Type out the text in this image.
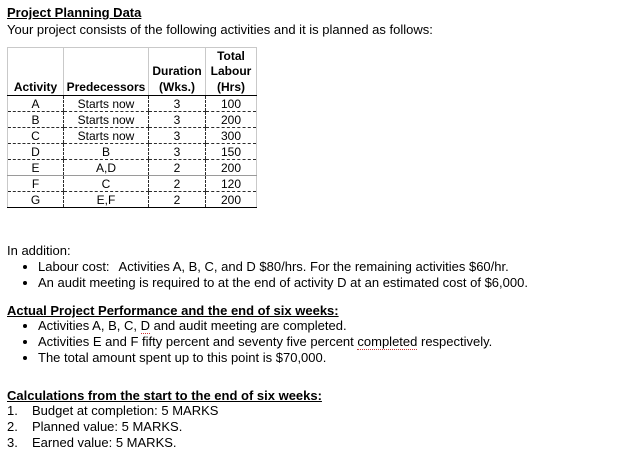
Project Planning Data
Your project consists of the following activities and it is planned as follows:
			Total
		Duration	Labour
Activity	Predecessors	(Wks.)	(Hrs)
A	Starts now	3	100
B	Starts now	3	200
C	Starts now	3	300
D	B	3	150
E	A,D	2	200
F	C	2	120
G	E,F	2	200
In addition:
Labour cost: Activities A, B, C, and D $80/hrs. For the remaining activities $60/hr.
An audit meeting is required to at the end of activity D at an estimated cost of $6,000.
Actual Project Performance and the end of six weeks:
Activities A, B, C, D and audit meeting are completed.
Activities E and F fifty percent and seventy five percent completed respectively.
The total amount spent up to this point is $70,000.
Calculations from the start to the end of six weeks:
1. Budget at completion: 5 MARKS
2. Planned value: 5 MARKS.
3. Earned value: 5 MARKS.
